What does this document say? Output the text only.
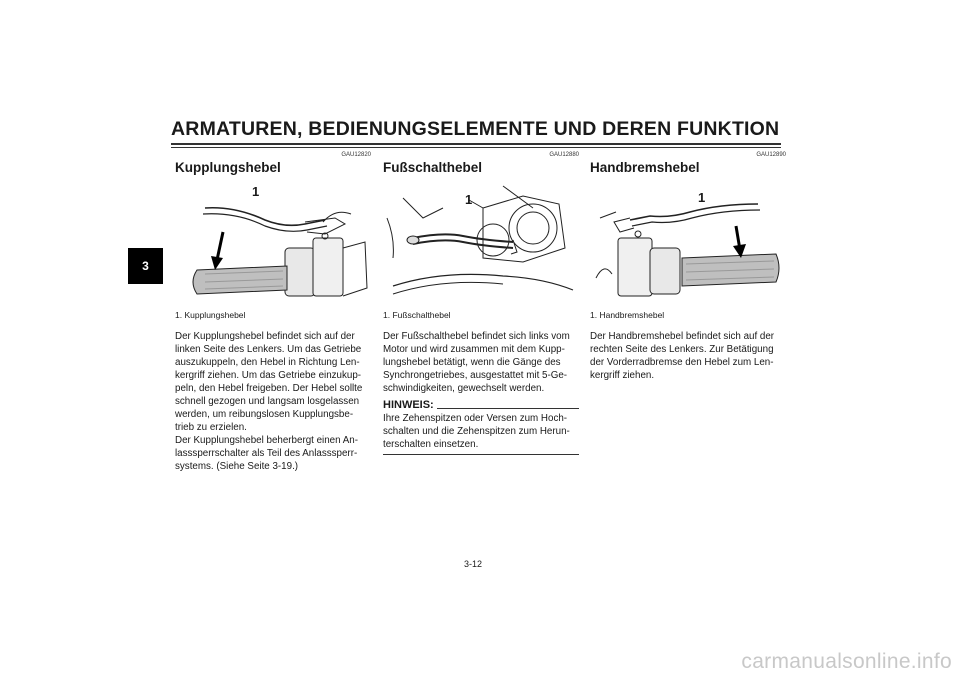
ARMATUREN, BEDIENUNGSELEMENTE UND DEREN FUNKTION
3
GAU12820
Kupplungshebel
1
1. Kupplungshebel

Der Kupplungshebel befindet sich auf der linken Seite des Lenkers. Um das Getriebe auszukuppeln, den Hebel in Richtung Len-kergriff ziehen. Um das Getriebe einzukup-peln, den Hebel freigeben. Der Hebel sollte schnell gezogen und langsam losgelassen werden, um reibungslosen Kupplungsbe-trieb zu erzielen.

Der Kupplungshebel beherbergt einen An-lasssperrschalter als Teil des Anlasssperr-systems. (Siehe Seite 3-19.)

GAU12880
Fußschalthebel
1
1. Fußschalthebel

Der Fußschalthebel befindet sich links vom Motor und wird zusammen mit dem Kupp-lungshebel betätigt, wenn die Gänge des Synchrongetriebes, ausgestattet mit 5-Ge-schwindigkeiten, gewechselt werden.

HINWEIS:
Ihre Zehenspitzen oder Versen zum Hoch-schalten und die Zehenspitzen zum Herun-terschalten einsetzen.
GAU12890
Handbremshebel
1
1. Handbremshebel

Der Handbremshebel befindet sich auf der rechten Seite des Lenkers. Zur Betätigung der Vorderradbremse den Hebel zum Len-kergriff ziehen.

3-12
carmanualsonline.info
